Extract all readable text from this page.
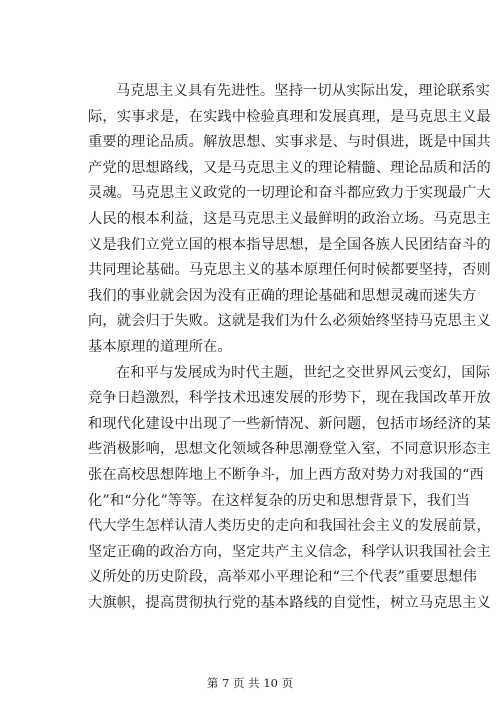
马克思主义具有先进性。坚持一切从实际出发，理论联系实
际，实事求是，在实践中检验真理和发展真理，是马克思主义最
重要的理论品质。解放思想、实事求是、与时俱进，既是中国共
产党的思想路线，又是马克思主义的理论精髓、理论品质和活的
灵魂。马克思主义政党的一切理论和奋斗都应致力于实现最广大
人民的根本利益，这是马克思主义最鲜明的政治立场。马克思主
义是我们立党立国的根本指导思想，是全国各族人民团结奋斗的
共同理论基础。马克思主义的基本原理任何时候都要坚持，否则
我们的事业就会因为没有正确的理论基础和思想灵魂而迷失方
向，就会归于失败。这就是我们为什么必须始终坚持马克思主义
基本原理的道理所在。
在和平与发展成为时代主题，世纪之交世界风云变幻，国际
竞争日趋激烈，科学技术迅速发展的形势下，现在我国改革开放
和现代化建设中出现了一些新情况、新问题，包括市场经济的某
些消极影响，思想文化领域各种思潮登堂入室，不同意识形态主
张在高校思想阵地上不断争斗，加上西方敌对势力对我国的“西
化”和“分化”等等。在这样复杂的历史和思想背景下，我们当
代大学生怎样认清人类历史的走向和我国社会主义的发展前景，
坚定正确的政治方向，坚定共产主义信念，科学认识我国社会主
义所处的历史阶段，高举邓小平理论和“三个代表”重要思想伟
大旗帜，提高贯彻执行党的基本路线的自觉性，树立马克思主义
第 7 页 共 10 页
